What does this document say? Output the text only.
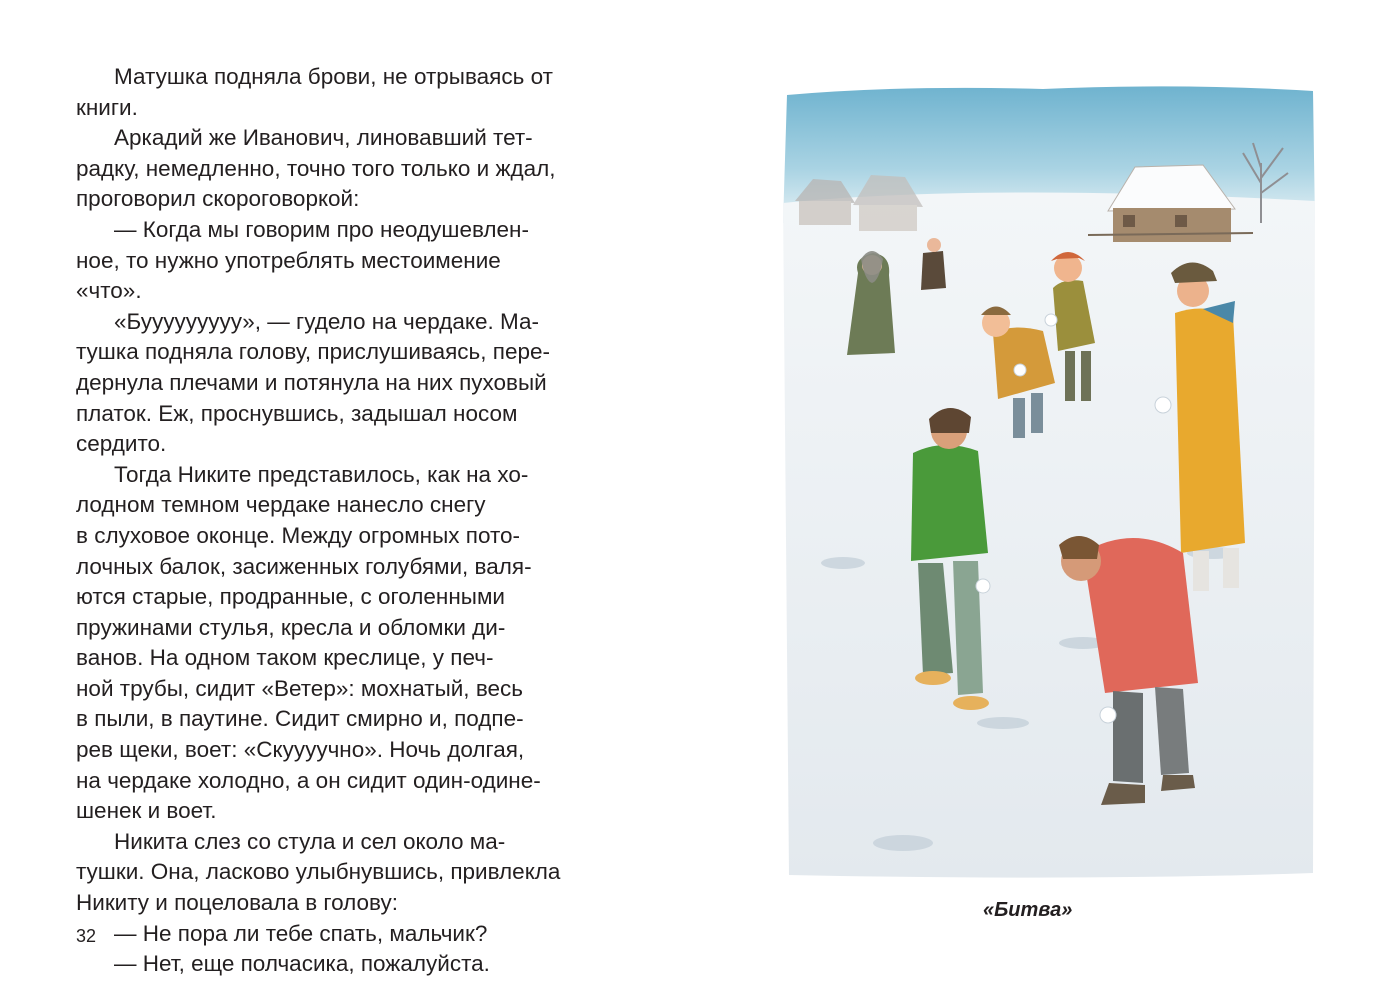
Матушка подняла брови, не отрываясь от
книги.

Аркадий же Иванович, линовавший тет-
радку, немедленно, точно того только и ждал,
проговорил скороговоркой:

— Когда мы говорим про неодушевлен-
ное, то нужно употреблять местоимение
«что».

«Бууууууууу», — гудело на чердаке. Ма-
тушка подняла голову, прислушиваясь, пере-
дернула плечами и потянула на них пуховый
платок. Еж, проснувшись, задышал носом
сердито.

Тогда Никите представилось, как на хо-
лодном темном чердаке нанесло снегу
в слуховое оконце. Между огромных пото-
лочных балок, засиженных голубями, валя-
ются старые, продранные, с оголенными
пружинами стулья, кресла и обломки ди-
ванов. На одном таком креслице, у печ-
ной трубы, сидит «Ветер»: мохнатый, весь
в пыли, в паутине. Сидит смирно и, подпе-
рев щеки, воет: «Скуууучно». Ночь долгая,
на чердаке холодно, а он сидит один-одине-
шенек и воет.

Никита слез со стула и сел около ма-
тушки. Она, ласково улыбнувшись, привлекла
Никиту и поцеловала в голову:

— Не пора ли тебе спать, мальчик?

— Нет, еще полчасика, пожалуйста.

32
«Битва»
